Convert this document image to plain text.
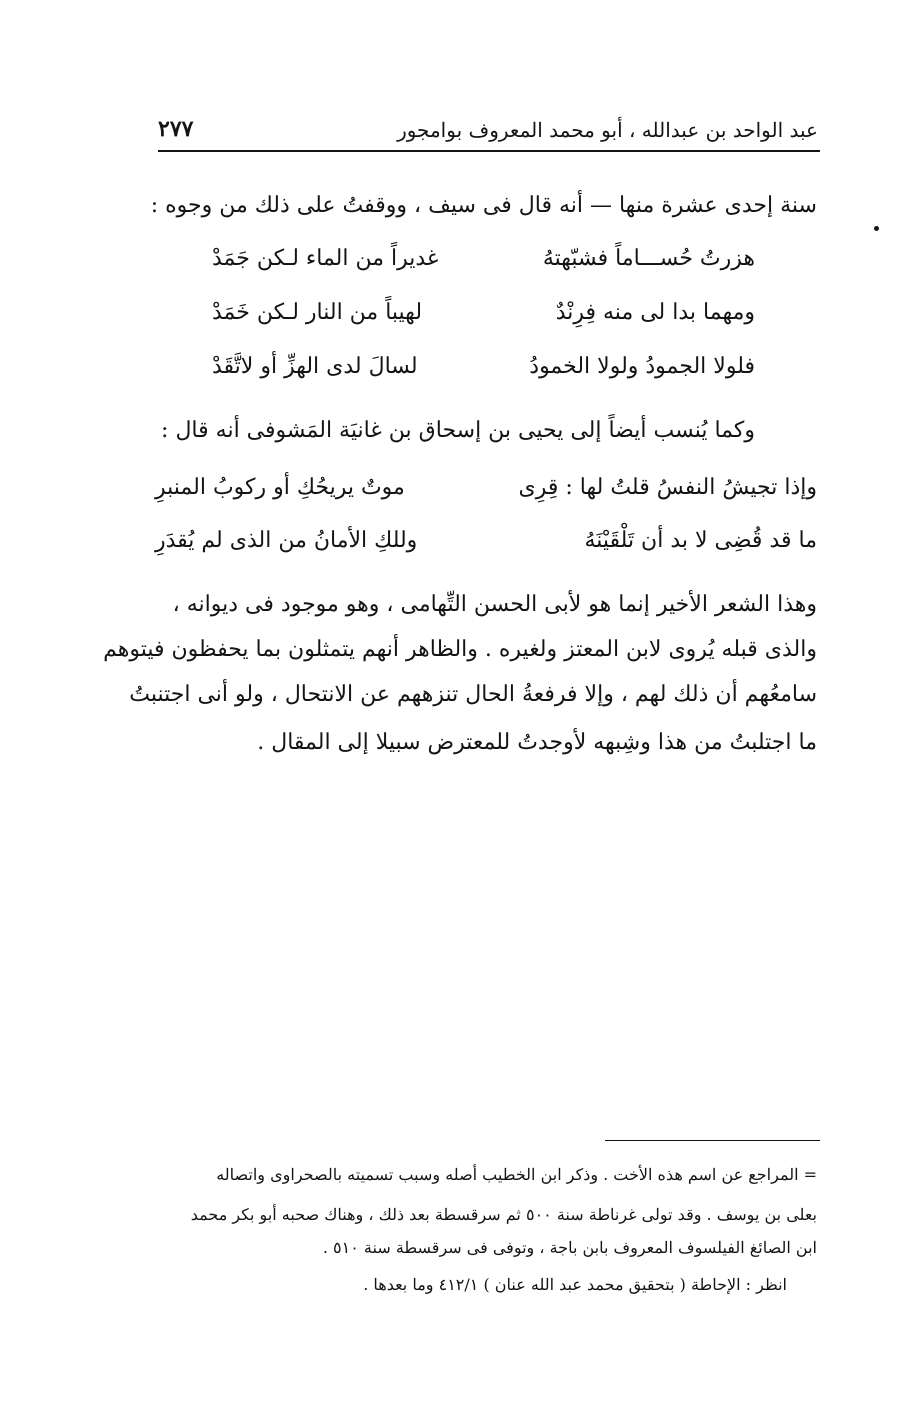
عبد الواحد بن عبدالله ، أبو محمد المعروف بوامجور
٢٧٧
سنة إحدى عشرة منها — أنه قال فى سيف ، ووقفتُ على ذلك من وجوه :
هزرتُ حُســـاماً فشبّهتهُ
غديراً من الماء لـكن جَمَدْ
ومهما بدا لى منه فِرِنْدٌ
لهيباً من النار لـكن خَمَدْ
فلولا الجمودُ ولولا الخمودُ
لسالَ لدى الهزِّ أو لاتَّقَدْ
وكما يُنسب أيضاً إلى يحيى بن إسحاق بن غانيَة المَشوفى أنه قال :
وإذا تجيشُ النفسُ قلتُ لها : قِرِى
موتٌ يريحُكِ أو ركوبُ المنبرِ
ما قد قُضِى لا بد أن تَلْقَيْنَهُ
وللكِ الأمانُ من الذى لم يُقدَرِ
وهذا الشعر الأخير إنما هو لأبى الحسن التِّهامى ، وهو موجود فى ديوانه ،
والذى قبله يُروى لابن المعتز ولغيره . والظاهر أنهم يتمثلون بما يحفظون فيتوهم
سامعُهم أن ذلك لهم ، وإلا فرفعةُ الحال تنزههم عن الانتحال ، ولو أنى اجتنبتُ
ما اجتلبتُ من هذا وشِبهه لأوجدتُ للمعترض سبيلا إلى المقال .
= المراجع عن اسم هذه الأخت . وذكر ابن الخطيب أصله وسبب تسميته بالصحراوى واتصاله
بعلى بن يوسف . وقد تولى غرناطة سنة ٥٠٠ ثم سرقسطة بعد ذلك ، وهناك صحبه أبو بكر محمد
ابن الصائغ الفيلسوف المعروف بابن باجة ، وتوفى فى سرقسطة سنة ٥١٠ .
انظر : الإحاطة ( بتحقيق محمد عبد الله عنان ) ٤١٢/١ وما بعدها .
